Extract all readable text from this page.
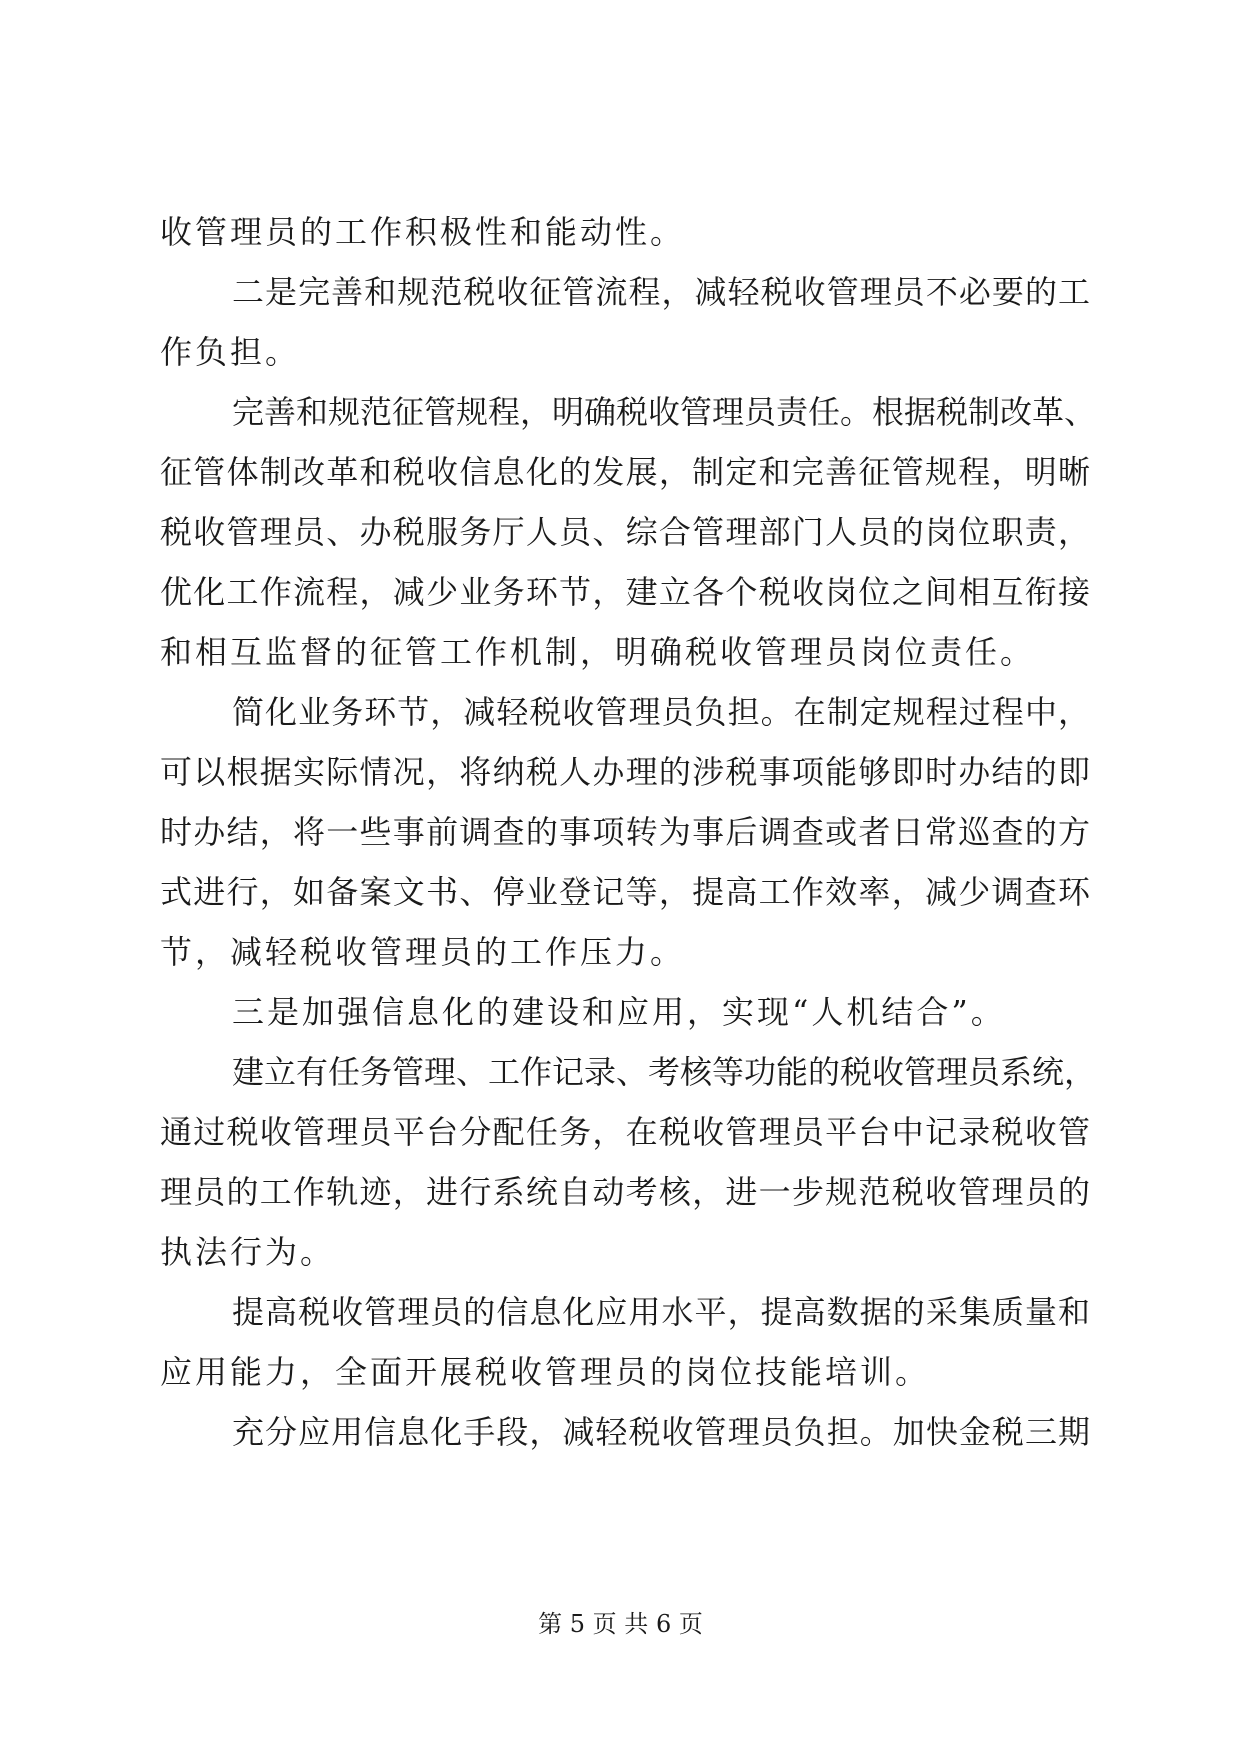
收管理员的工作积极性和能动性。
二是完善和规范税收征管流程，减轻税收管理员不必要的工
作负担。
完善和规范征管规程，明确税收管理员责任。根据税制改革、
征管体制改革和税收信息化的发展，制定和完善征管规程，明晰
税收管理员、办税服务厅人员、综合管理部门人员的岗位职责，
优化工作流程，减少业务环节，建立各个税收岗位之间相互衔接
和相互监督的征管工作机制，明确税收管理员岗位责任。
简化业务环节，减轻税收管理员负担。在制定规程过程中，
可以根据实际情况，将纳税人办理的涉税事项能够即时办结的即
时办结，将一些事前调查的事项转为事后调查或者日常巡查的方
式进行，如备案文书、停业登记等，提高工作效率，减少调查环
节，减轻税收管理员的工作压力。
三是加强信息化的建设和应用，实现“人机结合”。
建立有任务管理、工作记录、考核等功能的税收管理员系统，
通过税收管理员平台分配任务，在税收管理员平台中记录税收管
理员的工作轨迹，进行系统自动考核，进一步规范税收管理员的
执法行为。
提高税收管理员的信息化应用水平，提高数据的采集质量和
应用能力，全面开展税收管理员的岗位技能培训。
充分应用信息化手段，减轻税收管理员负担。加快金税三期
第 5 页 共 6 页
